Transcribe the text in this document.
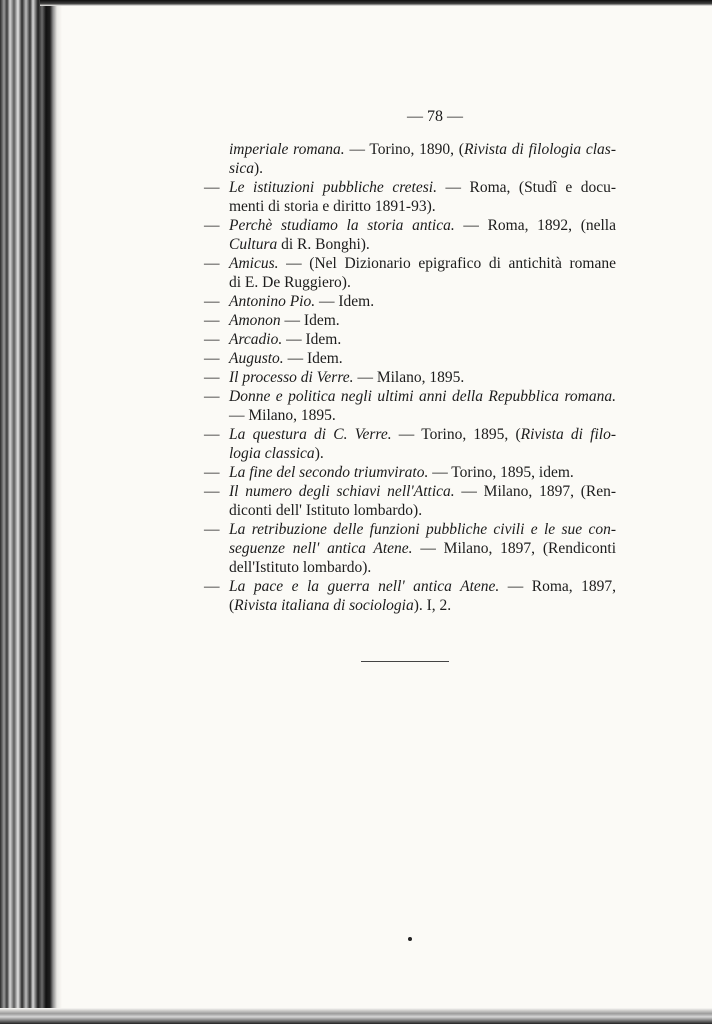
— 78 —
imperiale romana. — Torino, 1890, (Rivista di filologia clas-
sica).
— Le istituzioni pubbliche cretesi. — Roma, (Studî e docu-
menti di storia e diritto 1891-93).
— Perchè studiamo la storia antica. — Roma, 1892, (nella
Cultura di R. Bonghi).
— Amicus. — (Nel Dizionario epigrafico di antichità romane
di E. De Ruggiero).
— Antonino Pio. — Idem.
— Amonon — Idem.
— Arcadio. — Idem.
— Augusto. — Idem.
— Il processo di Verre. — Milano, 1895.
— Donne e politica negli ultimi anni della Repubblica romana.
— Milano, 1895.
— La questura di C. Verre. — Torino, 1895, (Rivista di filo-
logia classica).
— La fine del secondo triumvirato. — Torino, 1895, idem.
— Il numero degli schiavi nell'Attica. — Milano, 1897, (Ren-
diconti dell' Istituto lombardo).
— La retribuzione delle funzioni pubbliche civili e le sue con-
seguenze nell' antica Atene. — Milano, 1897, (Rendiconti
dell'Istituto lombardo).
— La pace e la guerra nell' antica Atene. — Roma, 1897,
(Rivista italiana di sociologia). I, 2.
